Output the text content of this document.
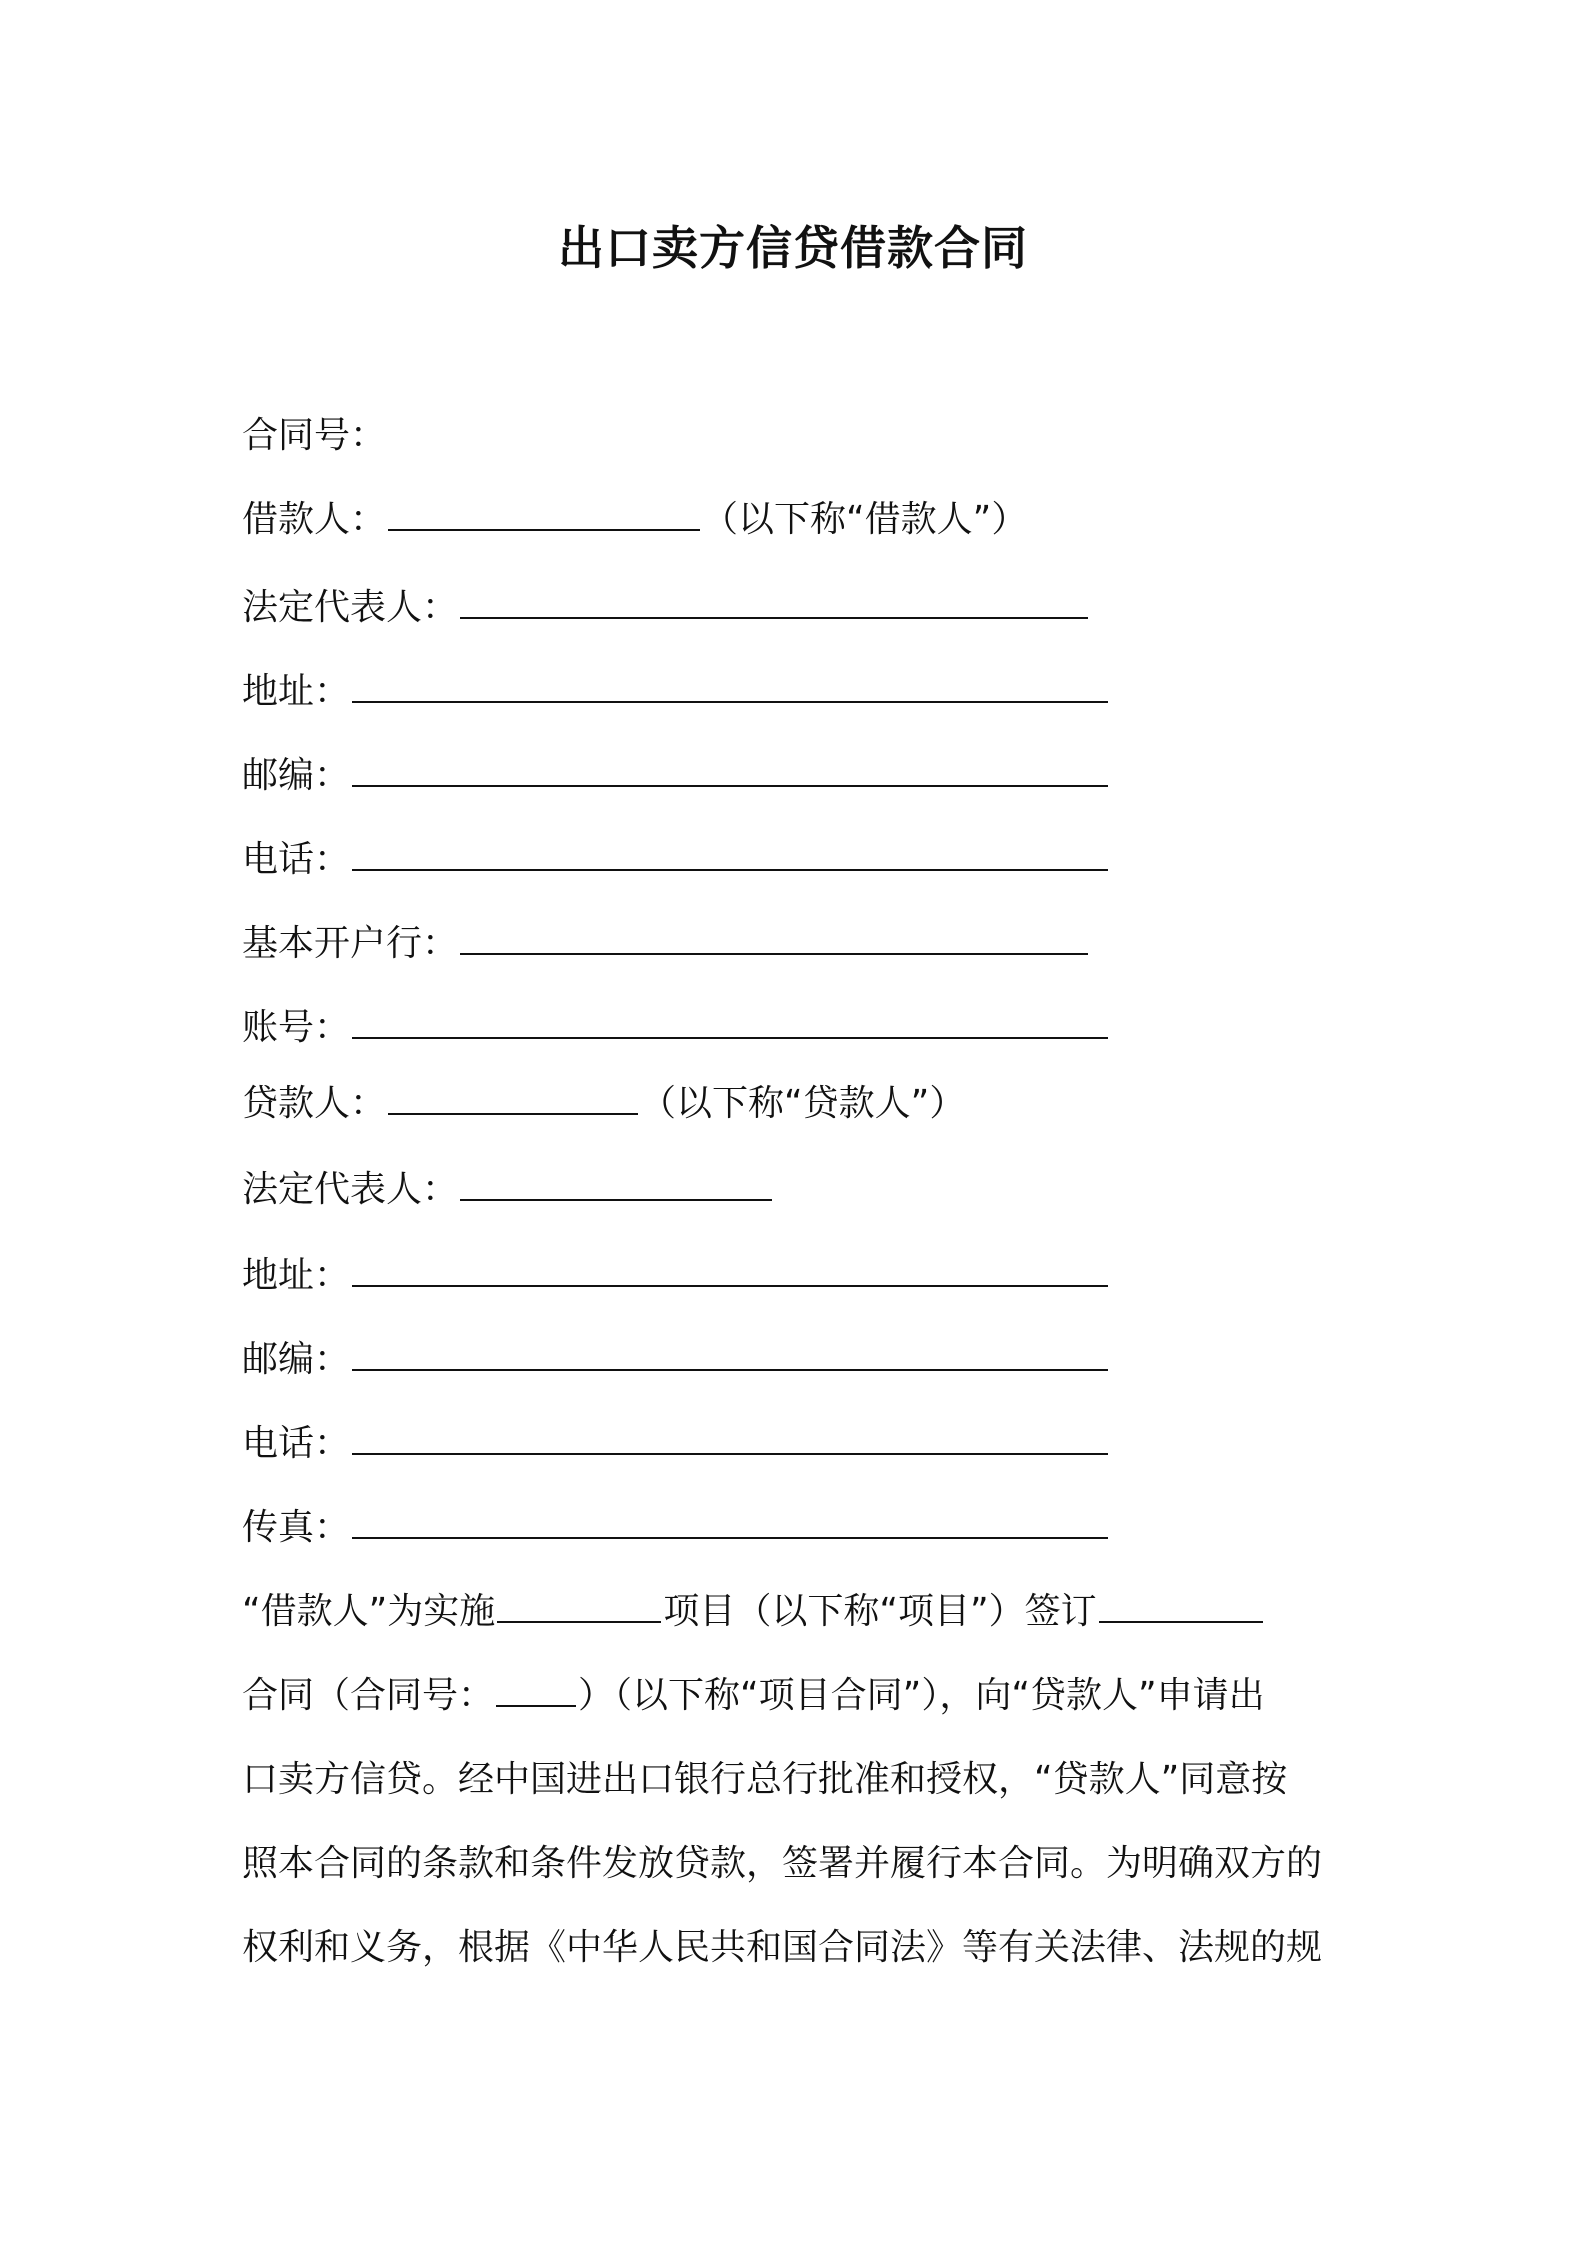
出口卖方信贷借款合同
合同号：
借款人：	（以下称“借款人”）
法定代表人：
地址：
邮编：
电话：
基本开户行：
账号：
贷款人：	（以下称“贷款人”）
法定代表人：
地址：
邮编：
电话：
传真：
“借款人”为实施	项目（以下称“项目”）签订
合同（合同号： ）（以下称“项目合同”），向“贷款人”申请出
口卖方信贷。经中国进出口银行总行批准和授权，“贷款人”同意按
照本合同的条款和条件发放贷款，签署并履行本合同。为明确双方的
权利和义务，根据《中华人民共和国合同法》等有关法律、法规的规
